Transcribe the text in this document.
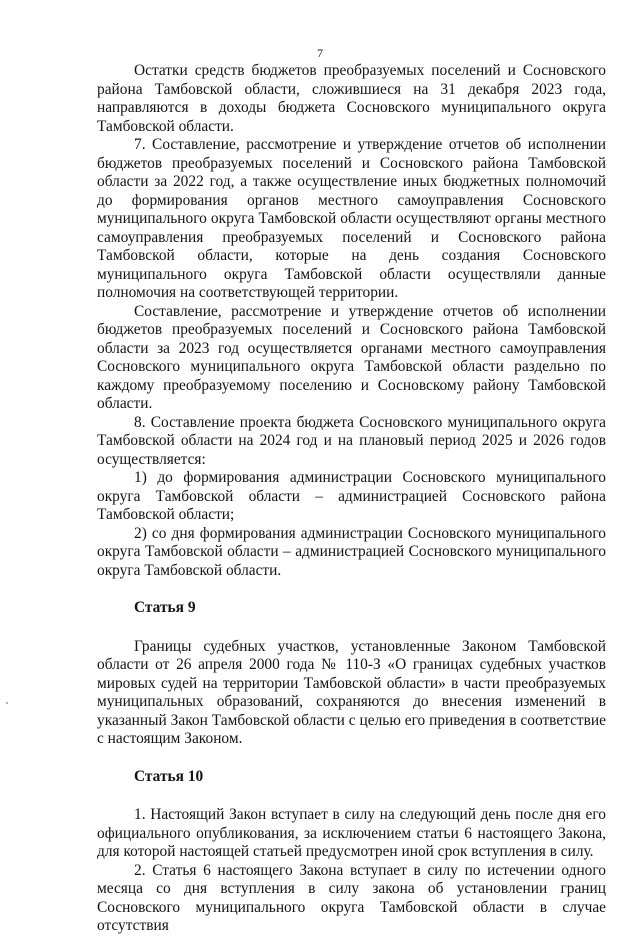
7

Остатки средств бюджетов преобразуемых поселений и Сосновского района Тамбовской области, сложившиеся на 31 декабря 2023 года, направляются в доходы бюджета Сосновского муниципального округа Тамбовской области.

7. Составление, рассмотрение и утверждение отчетов об исполнении бюджетов преобразуемых поселений и Сосновского района Тамбовской области за 2022 год, а также осуществление иных бюджетных полномочий до формирования органов местного самоуправления Сосновского муниципального округа Тамбовской области осуществляют органы местного самоуправления преобразуемых поселений и Сосновского района Тамбовской области, которые на день создания Сосновского муниципального округа Тамбовской области осуществляли данные полномочия на соответствующей территории.

Составление, рассмотрение и утверждение отчетов об исполнении бюджетов преобразуемых поселений и Сосновского района Тамбовской области за 2023 год осуществляется органами местного самоуправления Сосновского муниципального округа Тамбовской области раздельно по каждому преобразуемому поселению и Сосновскому району Тамбовской области.

8. Составление проекта бюджета Сосновского муниципального округа Тамбовской области на 2024 год и на плановый период 2025 и 2026 годов осуществляется:

1) до формирования администрации Сосновского муниципального округа Тамбовской области – администрацией Сосновского района Тамбовской области;

2) со дня формирования администрации Сосновского муниципального округа Тамбовской области – администрацией Сосновского муниципального округа Тамбовской области.

Статья 9

Границы судебных участков, установленные Законом Тамбовской области от 26 апреля 2000 года № 110-З «О границах судебных участков мировых судей на территории Тамбовской области» в части преобразуемых муниципальных образований, сохраняются до внесения изменений в указанный Закон Тамбовской области с целью его приведения в соответствие с настоящим Законом.

Статья 10

1. Настоящий Закон вступает в силу на следующий день после дня его официального опубликования, за исключением статьи 6 настоящего Закона, для которой настоящей статьей предусмотрен иной срок вступления в силу.

2. Статья 6 настоящего Закона вступает в силу по истечении одного месяца со дня вступления в силу закона об установлении границ Сосновского муниципального округа Тамбовской области в случае отсутствия
